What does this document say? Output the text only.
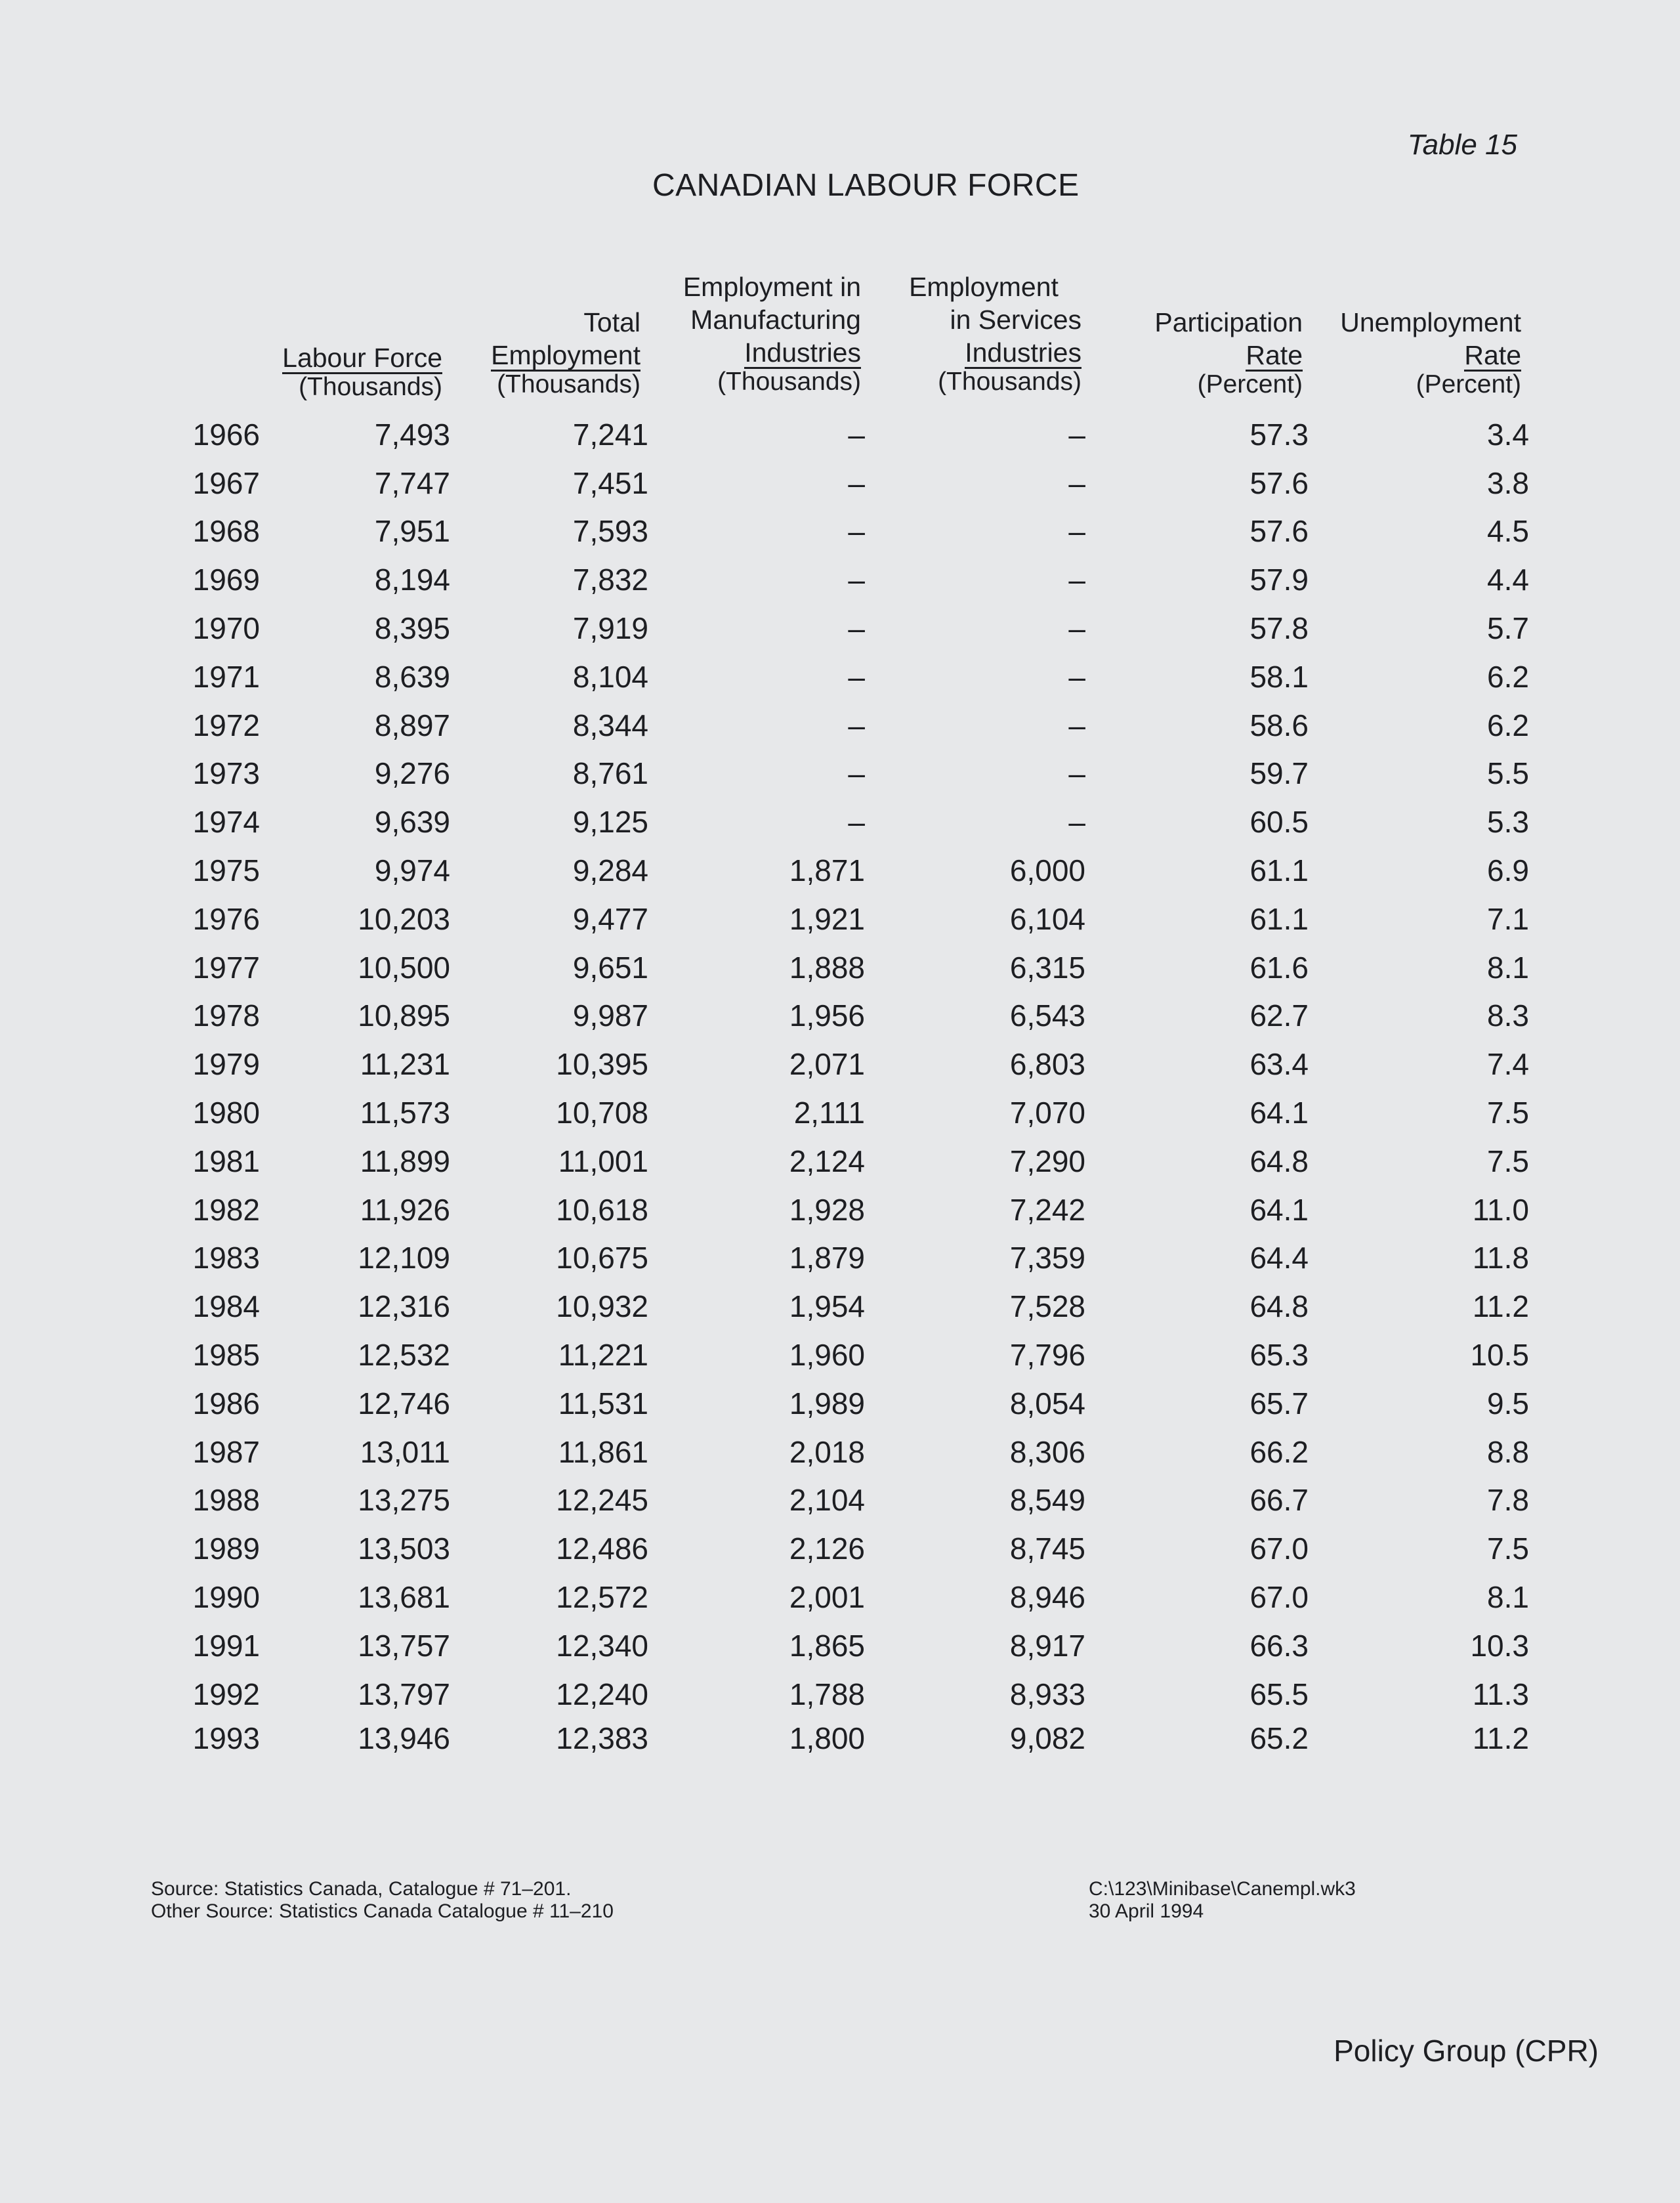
Table 15
CANADIAN LABOUR FORCE
Labour Force
(Thousands)
Total
Employment
(Thousands)
Employment in
Manufacturing
Industries
(Thousands)
Employment
in Services
Industries
(Thousands)
Participation
Rate
(Percent)
Unemployment
Rate
(Percent)
1966	7,493	7,241	–	–	57.3	3.4
1967	7,747	7,451	–	–	57.6	3.8
1968	7,951	7,593	–	–	57.6	4.5
1969	8,194	7,832	–	–	57.9	4.4
1970	8,395	7,919	–	–	57.8	5.7
1971	8,639	8,104	–	–	58.1	6.2
1972	8,897	8,344	–	–	58.6	6.2
1973	9,276	8,761	–	–	59.7	5.5
1974	9,639	9,125	–	–	60.5	5.3
1975	9,974	9,284	1,871	6,000	61.1	6.9
1976	10,203	9,477	1,921	6,104	61.1	7.1
1977	10,500	9,651	1,888	6,315	61.6	8.1
1978	10,895	9,987	1,956	6,543	62.7	8.3
1979	11,231	10,395	2,071	6,803	63.4	7.4
1980	11,573	10,708	2,111	7,070	64.1	7.5
1981	11,899	11,001	2,124	7,290	64.8	7.5
1982	11,926	10,618	1,928	7,242	64.1	11.0
1983	12,109	10,675	1,879	7,359	64.4	11.8
1984	12,316	10,932	1,954	7,528	64.8	11.2
1985	12,532	11,221	1,960	7,796	65.3	10.5
1986	12,746	11,531	1,989	8,054	65.7	9.5
1987	13,011	11,861	2,018	8,306	66.2	8.8
1988	13,275	12,245	2,104	8,549	66.7	7.8
1989	13,503	12,486	2,126	8,745	67.0	7.5
1990	13,681	12,572	2,001	8,946	67.0	8.1
1991	13,757	12,340	1,865	8,917	66.3	10.3
1992	13,797	12,240	1,788	8,933	65.5	11.3
1993	13,946	12,383	1,800	9,082	65.2	11.2
Source: Statistics Canada, Catalogue # 71–201.
Other Source: Statistics Canada Catalogue # 11–210
C:\123\Minibase\Canempl.wk3
30 April 1994
Policy Group (CPR)
